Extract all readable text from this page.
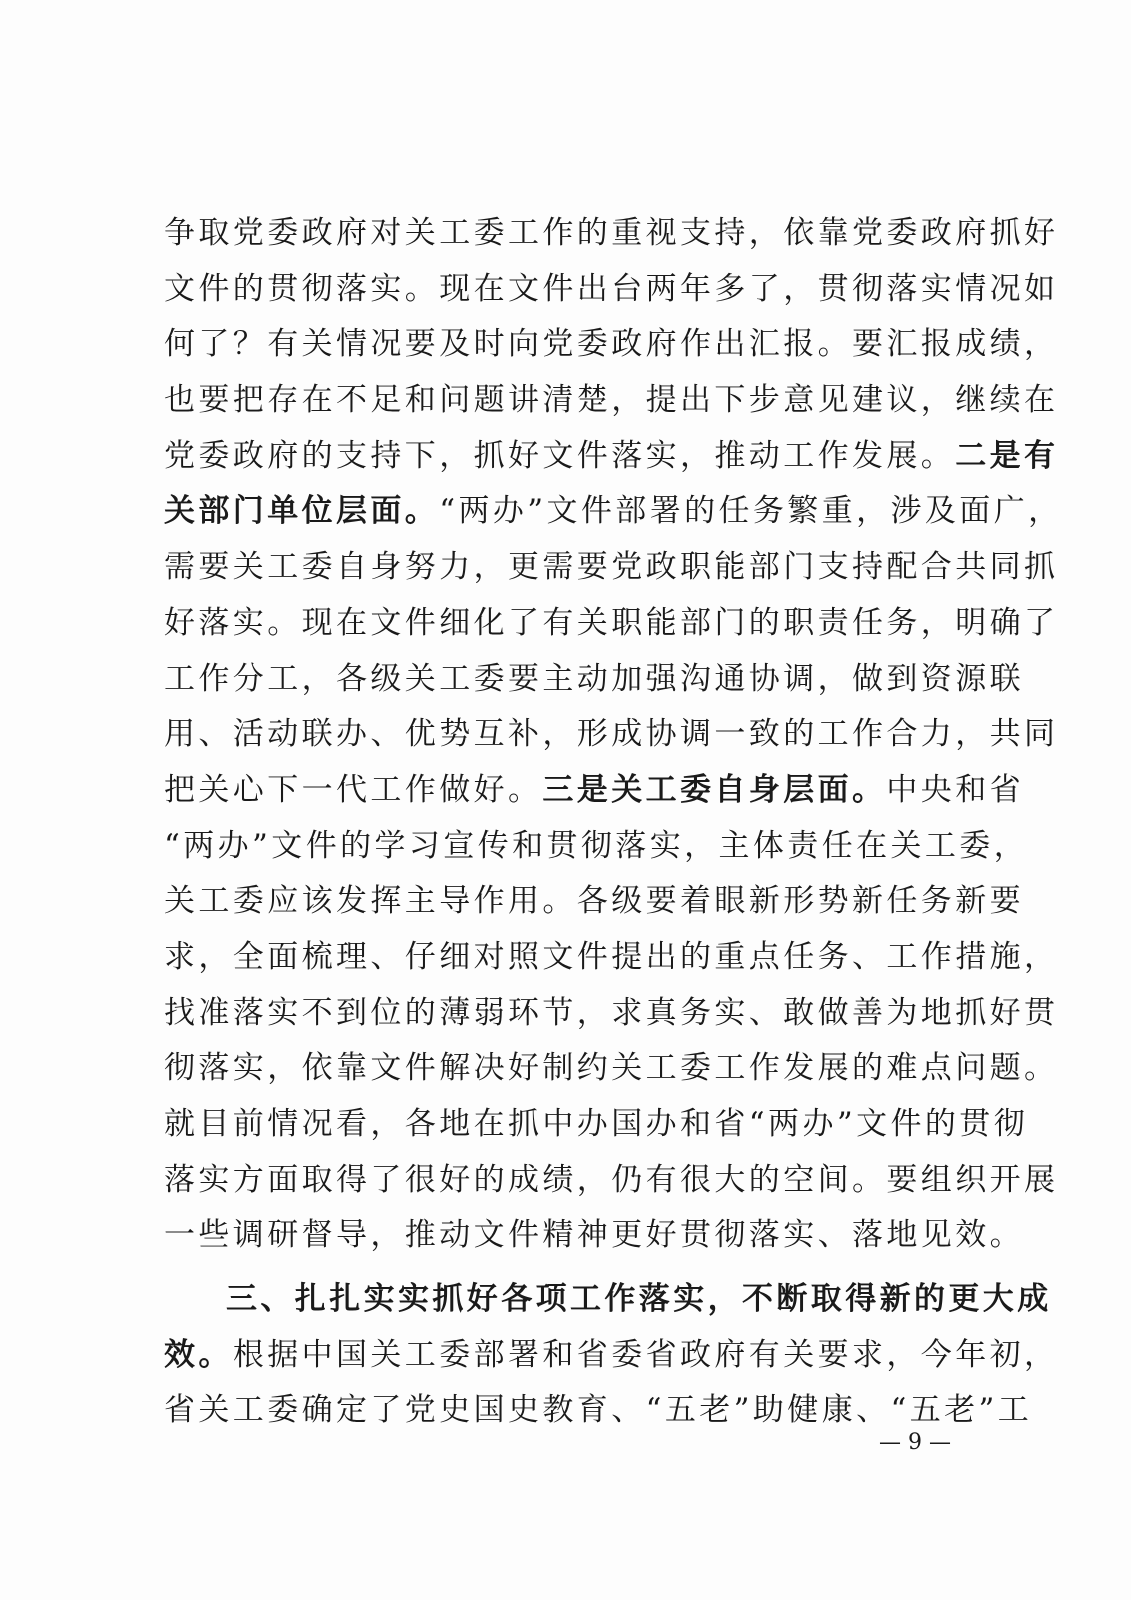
争取党委政府对关工委工作的重视支持，依靠党委政府抓好
文件的贯彻落实。现在文件出台两年多了，贯彻落实情况如
何了？有关情况要及时向党委政府作出汇报。要汇报成绩，
也要把存在不足和问题讲清楚，提出下步意见建议，继续在
党委政府的支持下，抓好文件落实，推动工作发展。二是有
关部门单位层面。“两办”文件部署的任务繁重，涉及面广，
需要关工委自身努力，更需要党政职能部门支持配合共同抓
好落实。现在文件细化了有关职能部门的职责任务，明确了
工作分工，各级关工委要主动加强沟通协调，做到资源联
用、活动联办、优势互补，形成协调一致的工作合力，共同
把关心下一代工作做好。三是关工委自身层面。中央和省
“两办”文件的学习宣传和贯彻落实，主体责任在关工委，
关工委应该发挥主导作用。各级要着眼新形势新任务新要
求，全面梳理、仔细对照文件提出的重点任务、工作措施，
找准落实不到位的薄弱环节，求真务实、敢做善为地抓好贯
彻落实，依靠文件解决好制约关工委工作发展的难点问题。
就目前情况看，各地在抓中办国办和省“两办”文件的贯彻
落实方面取得了很好的成绩，仍有很大的空间。要组织开展
一些调研督导，推动文件精神更好贯彻落实、落地见效。
三、扎扎实实抓好各项工作落实，不断取得新的更大成
效。根据中国关工委部署和省委省政府有关要求，今年初，
省关工委确定了党史国史教育、“五老”助健康、“五老”工
— 9 —
